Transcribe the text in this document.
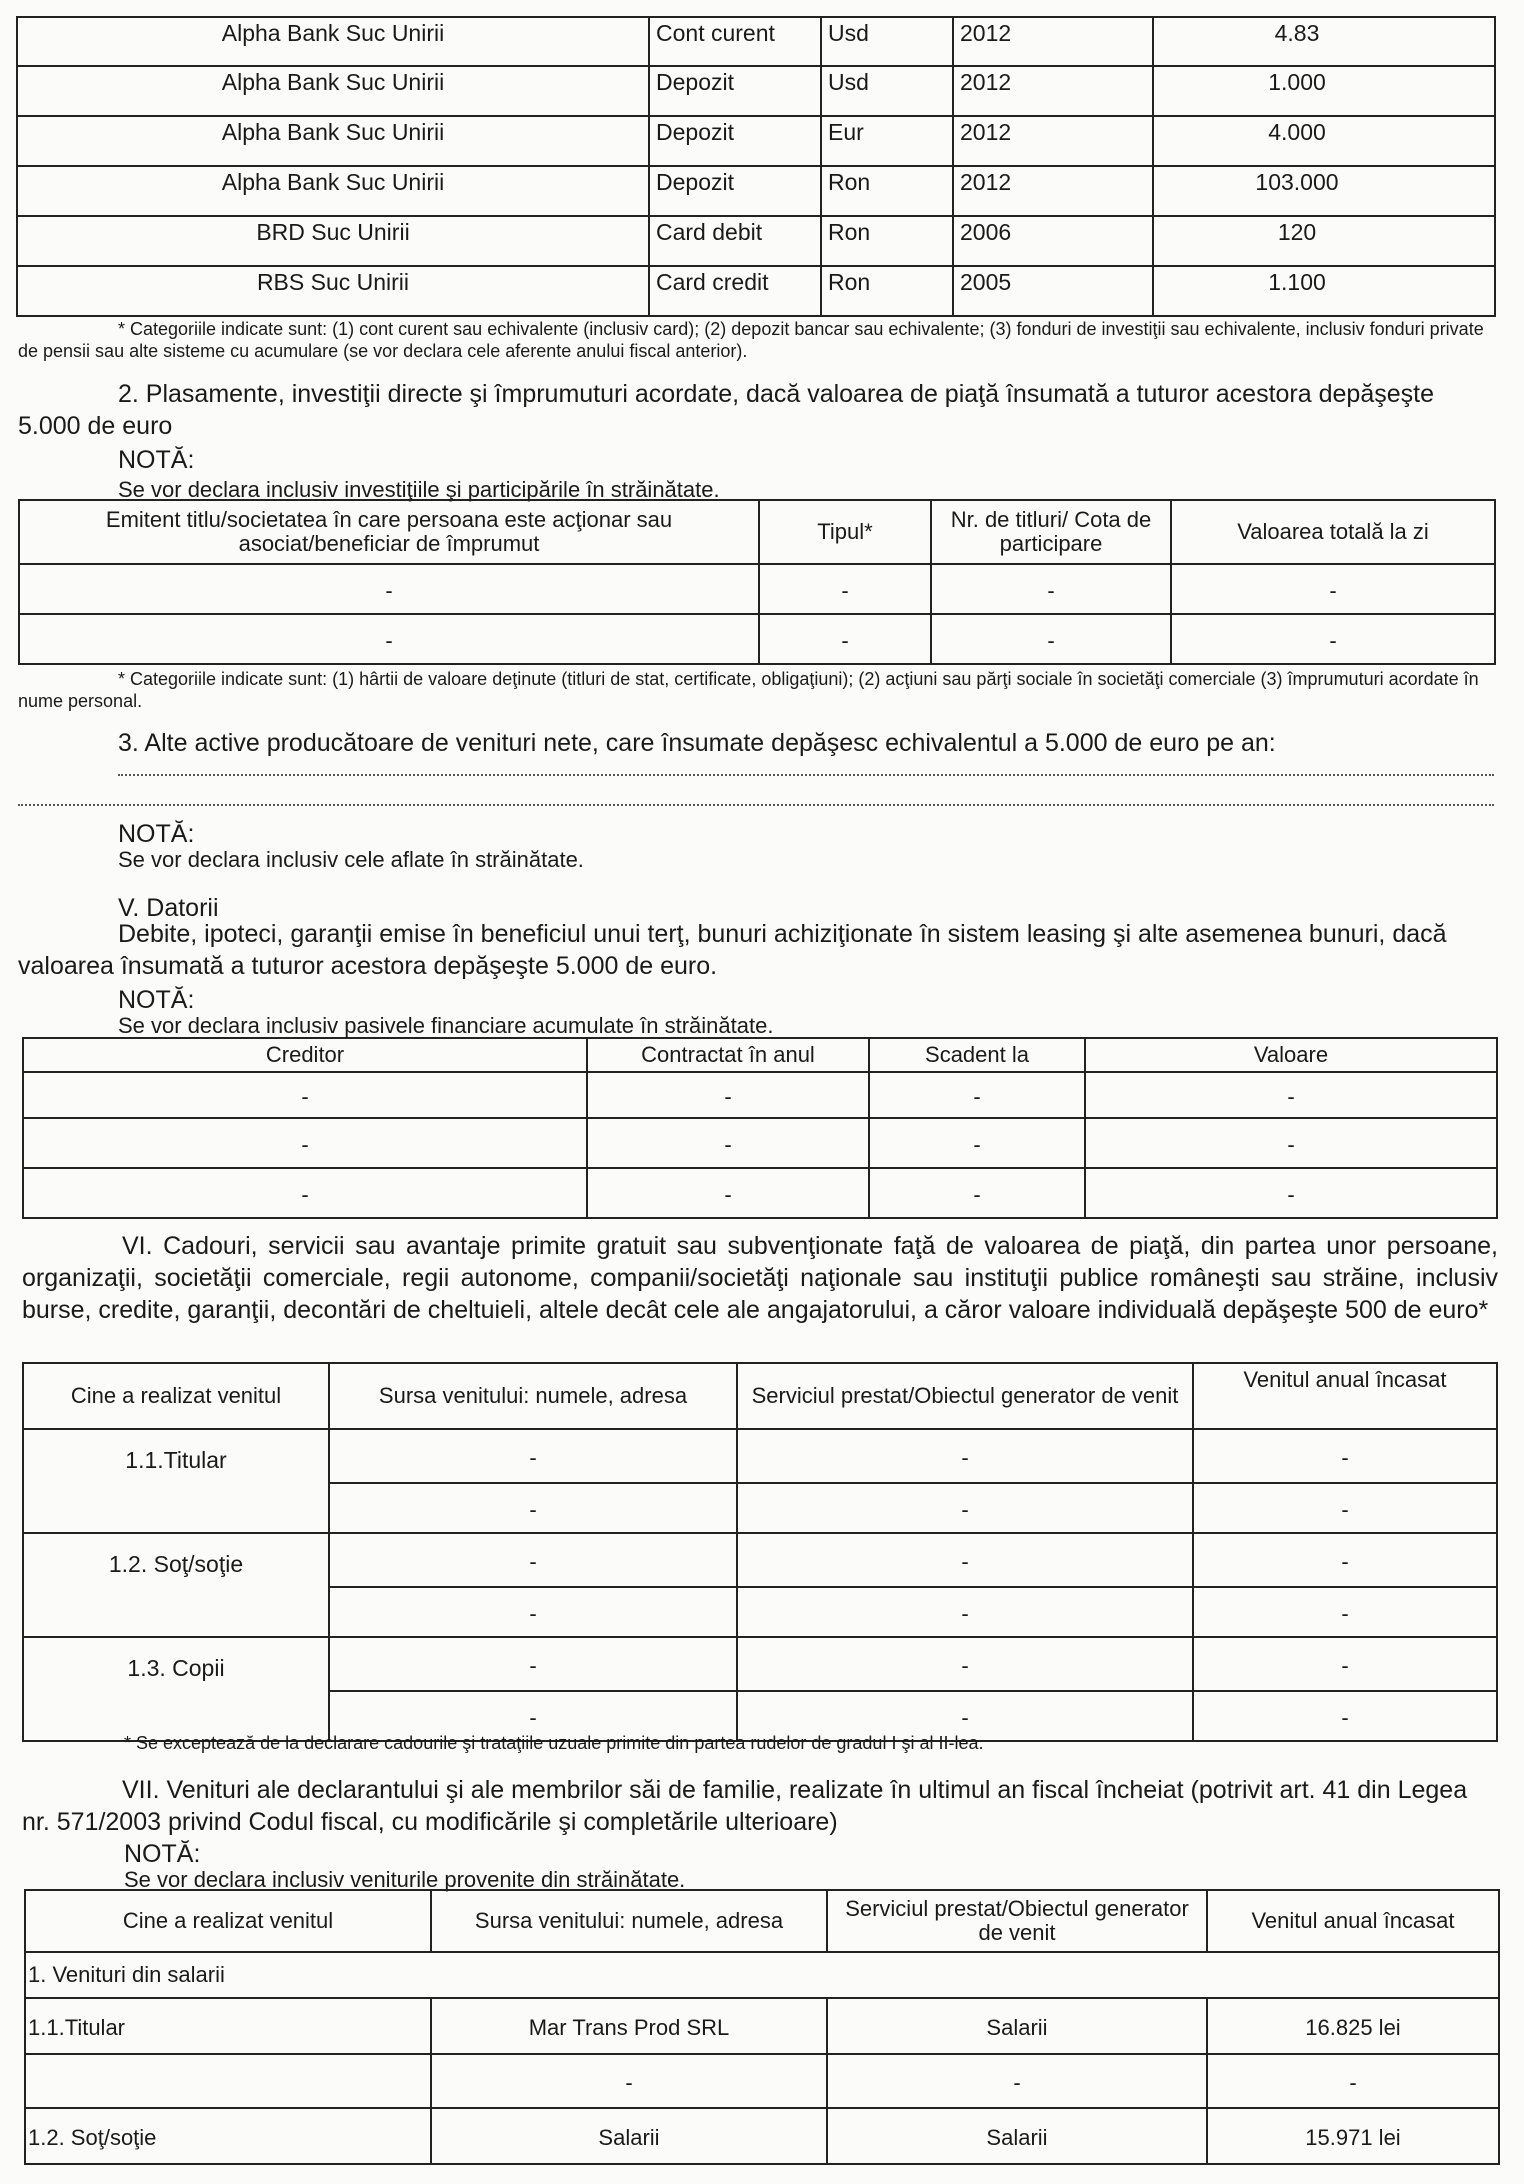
Alpha Bank Suc Unirii	Cont curent	Usd	2012	4.83
Alpha Bank Suc Unirii	Depozit	Usd	2012	1.000
Alpha Bank Suc Unirii	Depozit	Eur	2012	4.000
Alpha Bank Suc Unirii	Depozit	Ron	2012	103.000
BRD Suc Unirii	Card debit	Ron	2006	120
RBS Suc Unirii	Card credit	Ron	2005	1.100
* Categoriile indicate sunt: (1) cont curent sau echivalente (inclusiv card); (2) depozit bancar sau echivalente; (3) fonduri de investiţii sau echivalente, inclusiv fonduri private de pensii sau alte sisteme cu acumulare (se vor declara cele aferente anului fiscal anterior).
2. Plasamente, investiţii directe şi împrumuturi acordate, dacă valoarea de piaţă însumată a tuturor acestora depăşeşte 5.000 de euro
NOTĂ:
Se vor declara inclusiv investiţiile şi participările în străinătate.
Emitent titlu/societatea în care persoana este acţionar sau asociat/beneficiar de împrumut	Tipul*	Nr. de titluri/ Cota de participare	Valoarea totală la zi
-	-	-	-
-	-	-	-
* Categoriile indicate sunt: (1) hârtii de valoare deţinute (titluri de stat, certificate, obligaţiuni); (2) acţiuni sau părţi sociale în societăţi comerciale (3) împrumuturi acordate în nume personal.
3. Alte active producătoare de venituri nete, care însumate depăşesc echivalentul a 5.000 de euro pe an:
NOTĂ:
Se vor declara inclusiv cele aflate în străinătate.
V. Datorii
Debite, ipoteci, garanţii emise în beneficiul unui terţ, bunuri achiziţionate în sistem leasing şi alte asemenea bunuri, dacă valoarea însumată a tuturor acestora depăşeşte 5.000 de euro.
NOTĂ:
Se vor declara inclusiv pasivele financiare acumulate în străinătate.
Creditor	Contractat în anul	Scadent la	Valoare
-	-	-	-
-	-	-	-
-	-	-	-
VI. Cadouri, servicii sau avantaje primite gratuit sau subvenţionate faţă de valoarea de piaţă, din partea unor persoane, organizaţii, societăţii comerciale, regii autonome, companii/societăţi naţionale sau instituţii publice româneşti sau străine, inclusiv burse, credite, garanţii, decontări de cheltuieli, altele decât cele ale angajatorului, a căror valoare individuală depăşeşte 500 de euro*
Cine a realizat venitul	Sursa venitului: numele, adresa	Serviciul prestat/Obiectul generator de venit	Venitul anual încasat
1.1.Titular	-	-	-
	-	-	-
1.2. Soţ/soţie	-	-	-
	-	-	-
1.3. Copii	-	-	-
	-	-	-
* Se exceptează de la declarare cadourile şi trataţiile uzuale primite din partea rudelor de gradul I şi al II-lea.
VII. Venituri ale declarantului şi ale membrilor săi de familie, realizate în ultimul an fiscal încheiat (potrivit art. 41 din Legea nr. 571/2003 privind Codul fiscal, cu modificările şi completările ulterioare)
NOTĂ:
Se vor declara inclusiv veniturile provenite din străinătate.
Cine a realizat venitul	Sursa venitului: numele, adresa	Serviciul prestat/Obiectul generator de venit	Venitul anual încasat
1. Venituri din salarii			
1.1.Titular	Mar Trans Prod SRL	Salarii	16.825 lei
	-	-	-
1.2. Soţ/soţie	Salarii	Salarii	15.971 lei
